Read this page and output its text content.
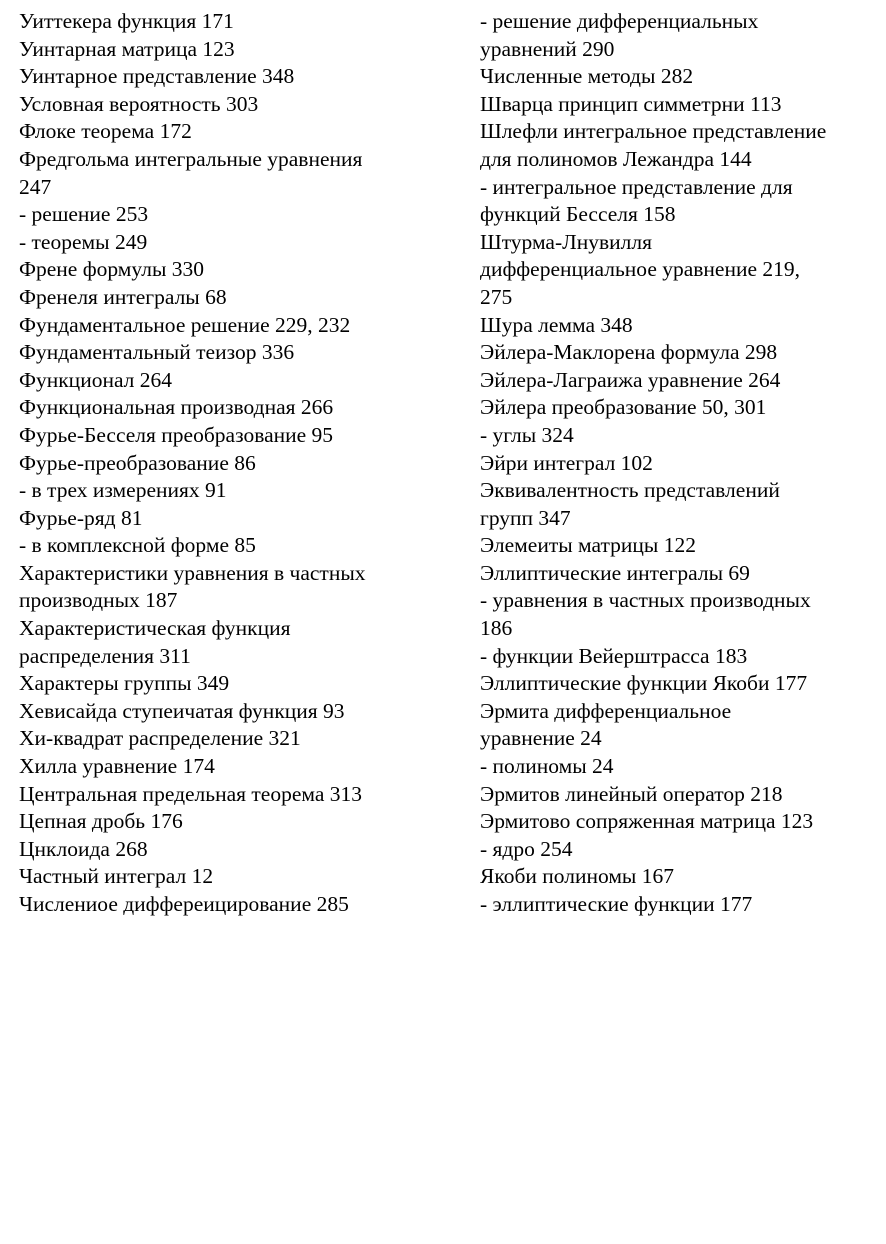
Уиттекера функция 171
Уинтарная матрица 123
Уинтарное представление 348
Условная вероятность 303
Флоке теорема 172
Фредгольма интегральные уравнения
247
- решение 253
- теоремы 249
Френе формулы 330
Френеля интегралы 68
Фундаментальное решение 229, 232
Фундаментальный теизор 336
Функционал 264
Функциональная производная 266
Фурье-Бесселя преобразование 95
Фурье-преобразование 86
- в трех измерениях 91
Фурье-ряд 81
- в комплексной форме 85
Характеристики уравнения в частных
производных 187
Характеристическая функция
распределения 311
Характеры группы 349
Хевисайда ступеичатая функция 93
Хи-квадрат распределение 321
Хилла уравнение 174
Центральная предельная теорема 313
Цепная дробь 176
Цнклоида 268
Частный интеграл 12
Числениое диффереицирование 285
- решение дифференциальных
уравнений 290
Численные методы 282
Шварца принцип симметрни 113
Шлефли интегральное представление
для полиномов Лежандра 144
- интегральное представление для
функций Бесселя 158
Штурма-Лнувилля
дифференциальное уравнение 219,
275
Шура лемма 348
Эйлера-Маклорена формула 298
Эйлера-Лаграижа уравнение 264
Эйлера преобразование 50, 301
- углы 324
Эйри интеграл 102
Эквивалентность представлений
групп 347
Элемеиты матрицы 122
Эллиптические интегралы 69
- уравнения в частных производных
186
- функции Вейерштрасса 183
Эллиптические функции Якоби 177
Эрмита дифференциальное
уравнение 24
- полиномы 24
Эрмитов линейный оператор 218
Эрмитово сопряженная матрица 123
- ядро 254
Якоби полиномы 167
- эллиптические функции 177
